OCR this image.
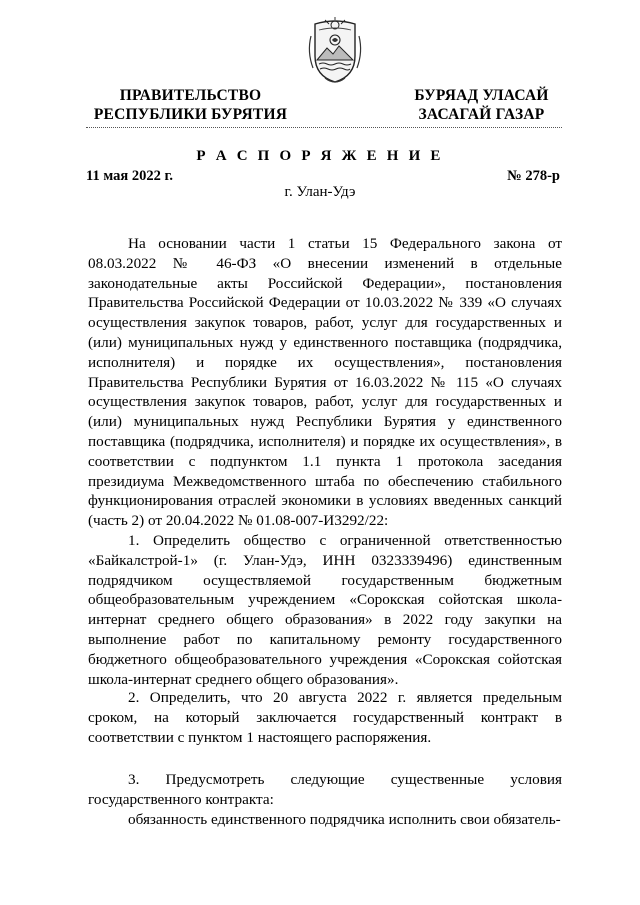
ПРАВИТЕЛЬСТВО
РЕСПУБЛИКИ БУРЯТИЯ
БУРЯАД УЛАСАЙ
ЗАСАГАЙ ГАЗАР
Р А С П О Р Я Ж Е Н И Е
11 мая 2022 г.	№ 278-р
г. Улан-Удэ
На основании части 1 статьи 15 Федерального закона от 08.03.2022 № 46-ФЗ «О внесении изменений в отдельные законодательные акты Российской Федерации», постановления Правительства Российской Федерации от 10.03.2022 № 339 «О случаях осуществления закупок товаров, работ, услуг для государственных и (или) муниципальных нужд у единственного поставщика (подрядчика, исполнителя) и порядке их осуществления», постановления Правительства Республики Бурятия от 16.03.2022 № 115 «О случаях осуществления закупок товаров, работ, услуг для государственных и (или) муниципальных нужд Республики Бурятия у единственного поставщика (подрядчика, исполнителя) и порядке их осуществления», в соответствии с подпунктом 1.1 пункта 1 протокола заседания президиума Межведомственного штаба по обеспечению стабильного функционирования отраслей экономики в условиях введенных санкций (часть 2) от 20.04.2022 № 01.08-007-И3292/22:
1. Определить общество с ограниченной ответственностью «Байкалстрой-1» (г. Улан-Удэ, ИНН 0323339496) единственным подрядчиком осуществляемой государственным бюджетным общеобразовательным учреждением «Сорокская сойотская школа-интернат среднего общего образования» в 2022 году закупки на выполнение работ по капитальному ремонту государственного бюджетного общеобразовательного учреждения «Сорокская сойотская школа-интернат среднего общего образования».
2. Определить, что 20 августа 2022 г. является предельным сроком, на который заключается государственный контракт в соответствии с пунктом 1 настоящего распоряжения.
3. Предусмотреть следующие существенные условия государственного контракта:
обязанность единственного подрядчика исполнить свои обязатель-
